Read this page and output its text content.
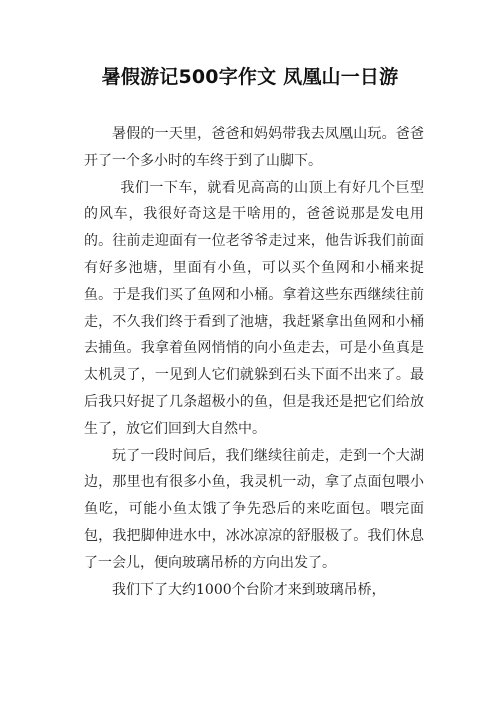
暑假游记500字作文 凤凰山一日游

暑假的一天里，爸爸和妈妈带我去凤凰山玩。爸爸开了一个多小时的车终于到了山脚下。

我们一下车，就看见高高的山顶上有好几个巨型的风车，我很好奇这是干啥用的，爸爸说那是发电用的。往前走迎面有一位老爷爷走过来，他告诉我们前面有好多池塘，里面有小鱼，可以买个鱼网和小桶来捉鱼。于是我们买了鱼网和小桶。拿着这些东西继续往前走，不久我们终于看到了池塘，我赶紧拿出鱼网和小桶去捕鱼。我拿着鱼网悄悄的向小鱼走去，可是小鱼真是太机灵了，一见到人它们就躲到石头下面不出来了。最后我只好捉了几条超极小的鱼，但是我还是把它们给放生了，放它们回到大自然中。

玩了一段时间后，我们继续往前走，走到一个大湖边，那里也有很多小鱼，我灵机一动，拿了点面包喂小鱼吃，可能小鱼太饿了争先恐后的来吃面包。喂完面包，我把脚伸进水中，冰冰凉凉的舒服极了。我们休息了一会儿，便向玻璃吊桥的方向出发了。

我们下了大约1000个台阶才来到玻璃吊桥，
